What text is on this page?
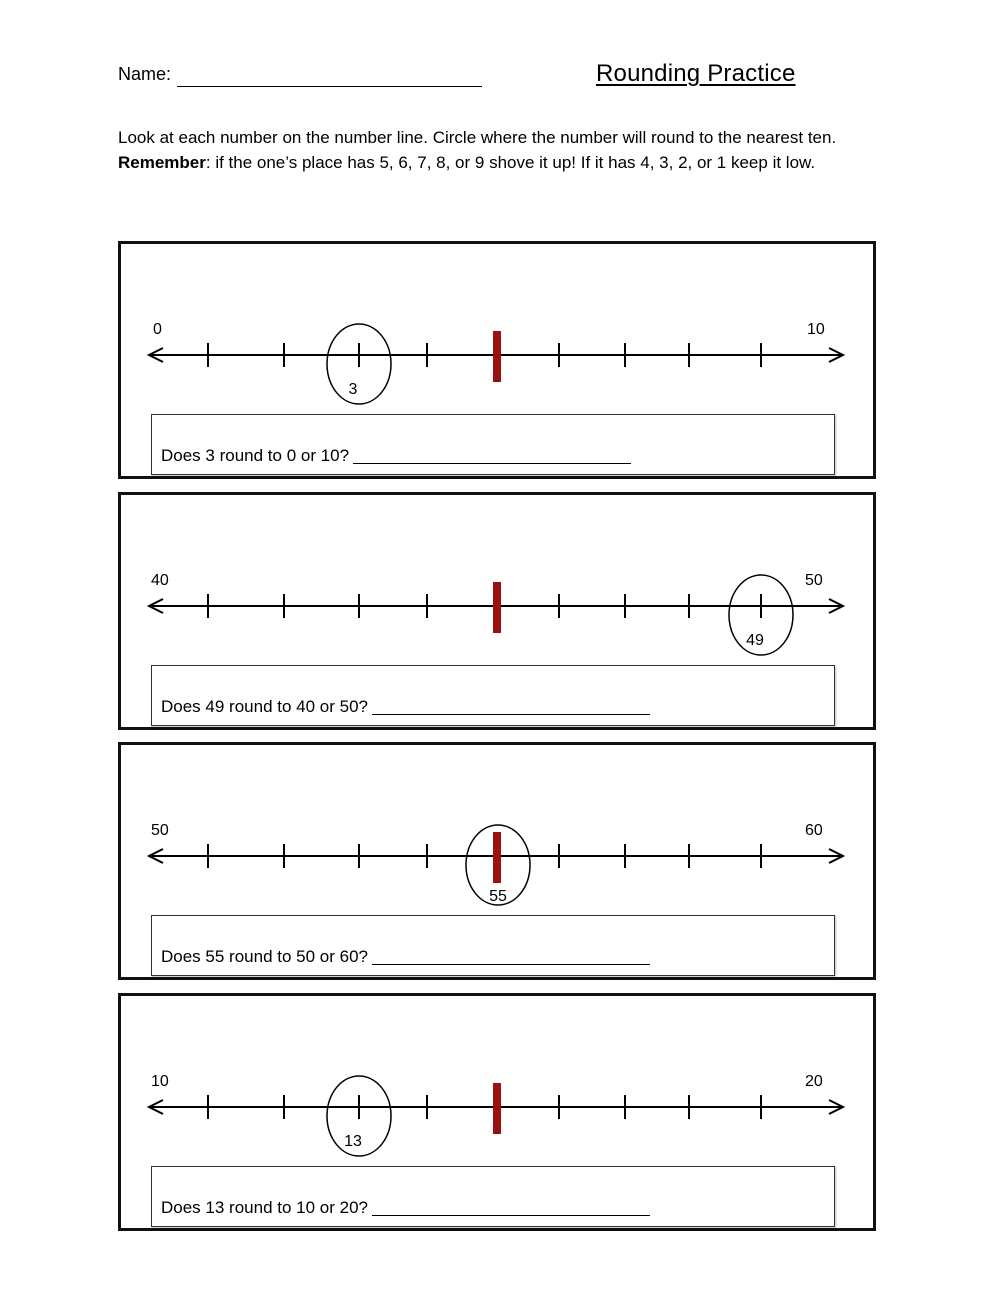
Name:	Rounding Practice

Look at each number on the number line. Circle where the number will round to the nearest ten.

Remember: if the one’s place has 5, 6, 7, 8, or 9 shove it up! If it has 4, 3, 2, or 1 keep it low.

0	10
3
Does 3 round to 0 or 10?
40	50
49
Does 49 round to 40 or 50?
50	60
55
Does 55 round to 50 or 60?
10	20
13
Does 13 round to 10 or 20?
